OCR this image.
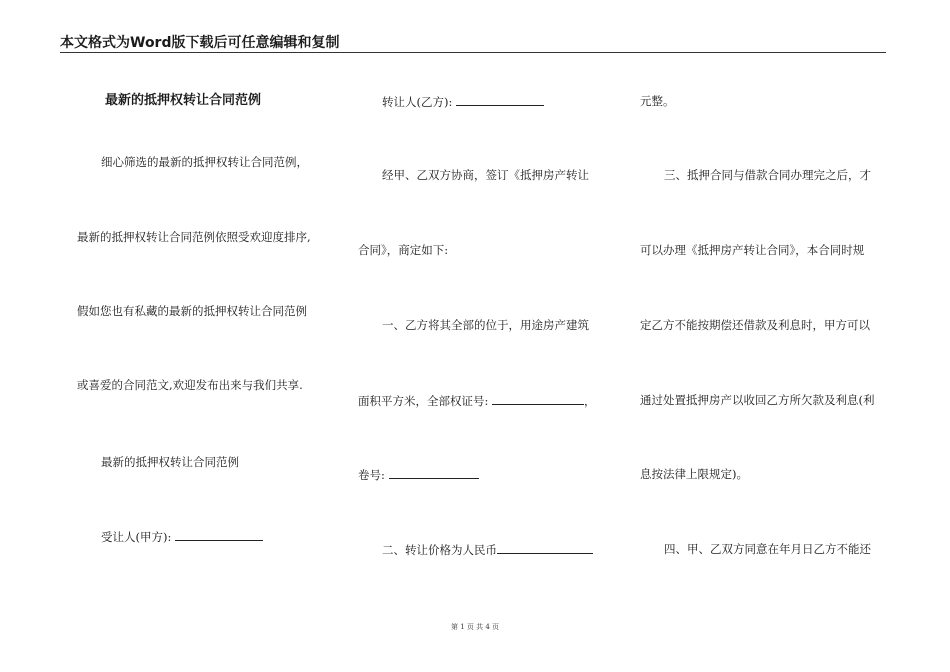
本文格式为Word版下载后可任意编辑和复制
最新的抵押权转让合同范例
细心筛选的最新的抵押权转让合同范例，
最新的抵押权转让合同范例依照受欢迎度排序,
假如您也有私藏的最新的抵押权转让合同范例
或喜爱的合同范文,欢迎发布出来与我们共享.
最新的抵押权转让合同范例
受让人(甲方):
转让人(乙方):
经甲、乙双方协商，签订《抵押房产转让
合同》，商定如下:
一、乙方将其全部的位于，用途房产建筑
面积平方米，全部权证号:	，
卷号:
二、转让价格为人民币
元整。
三、抵押合同与借款合同办理完之后，才
可以办理《抵押房产转让合同》，本合同时规
定乙方不能按期偿还借款及利息时，甲方可以
通过处置抵押房产以收回乙方所欠款及利息(利
息按法律上限规定)。
四、甲、乙双方同意在年月日乙方不能还
第 1 页 共 4 页
